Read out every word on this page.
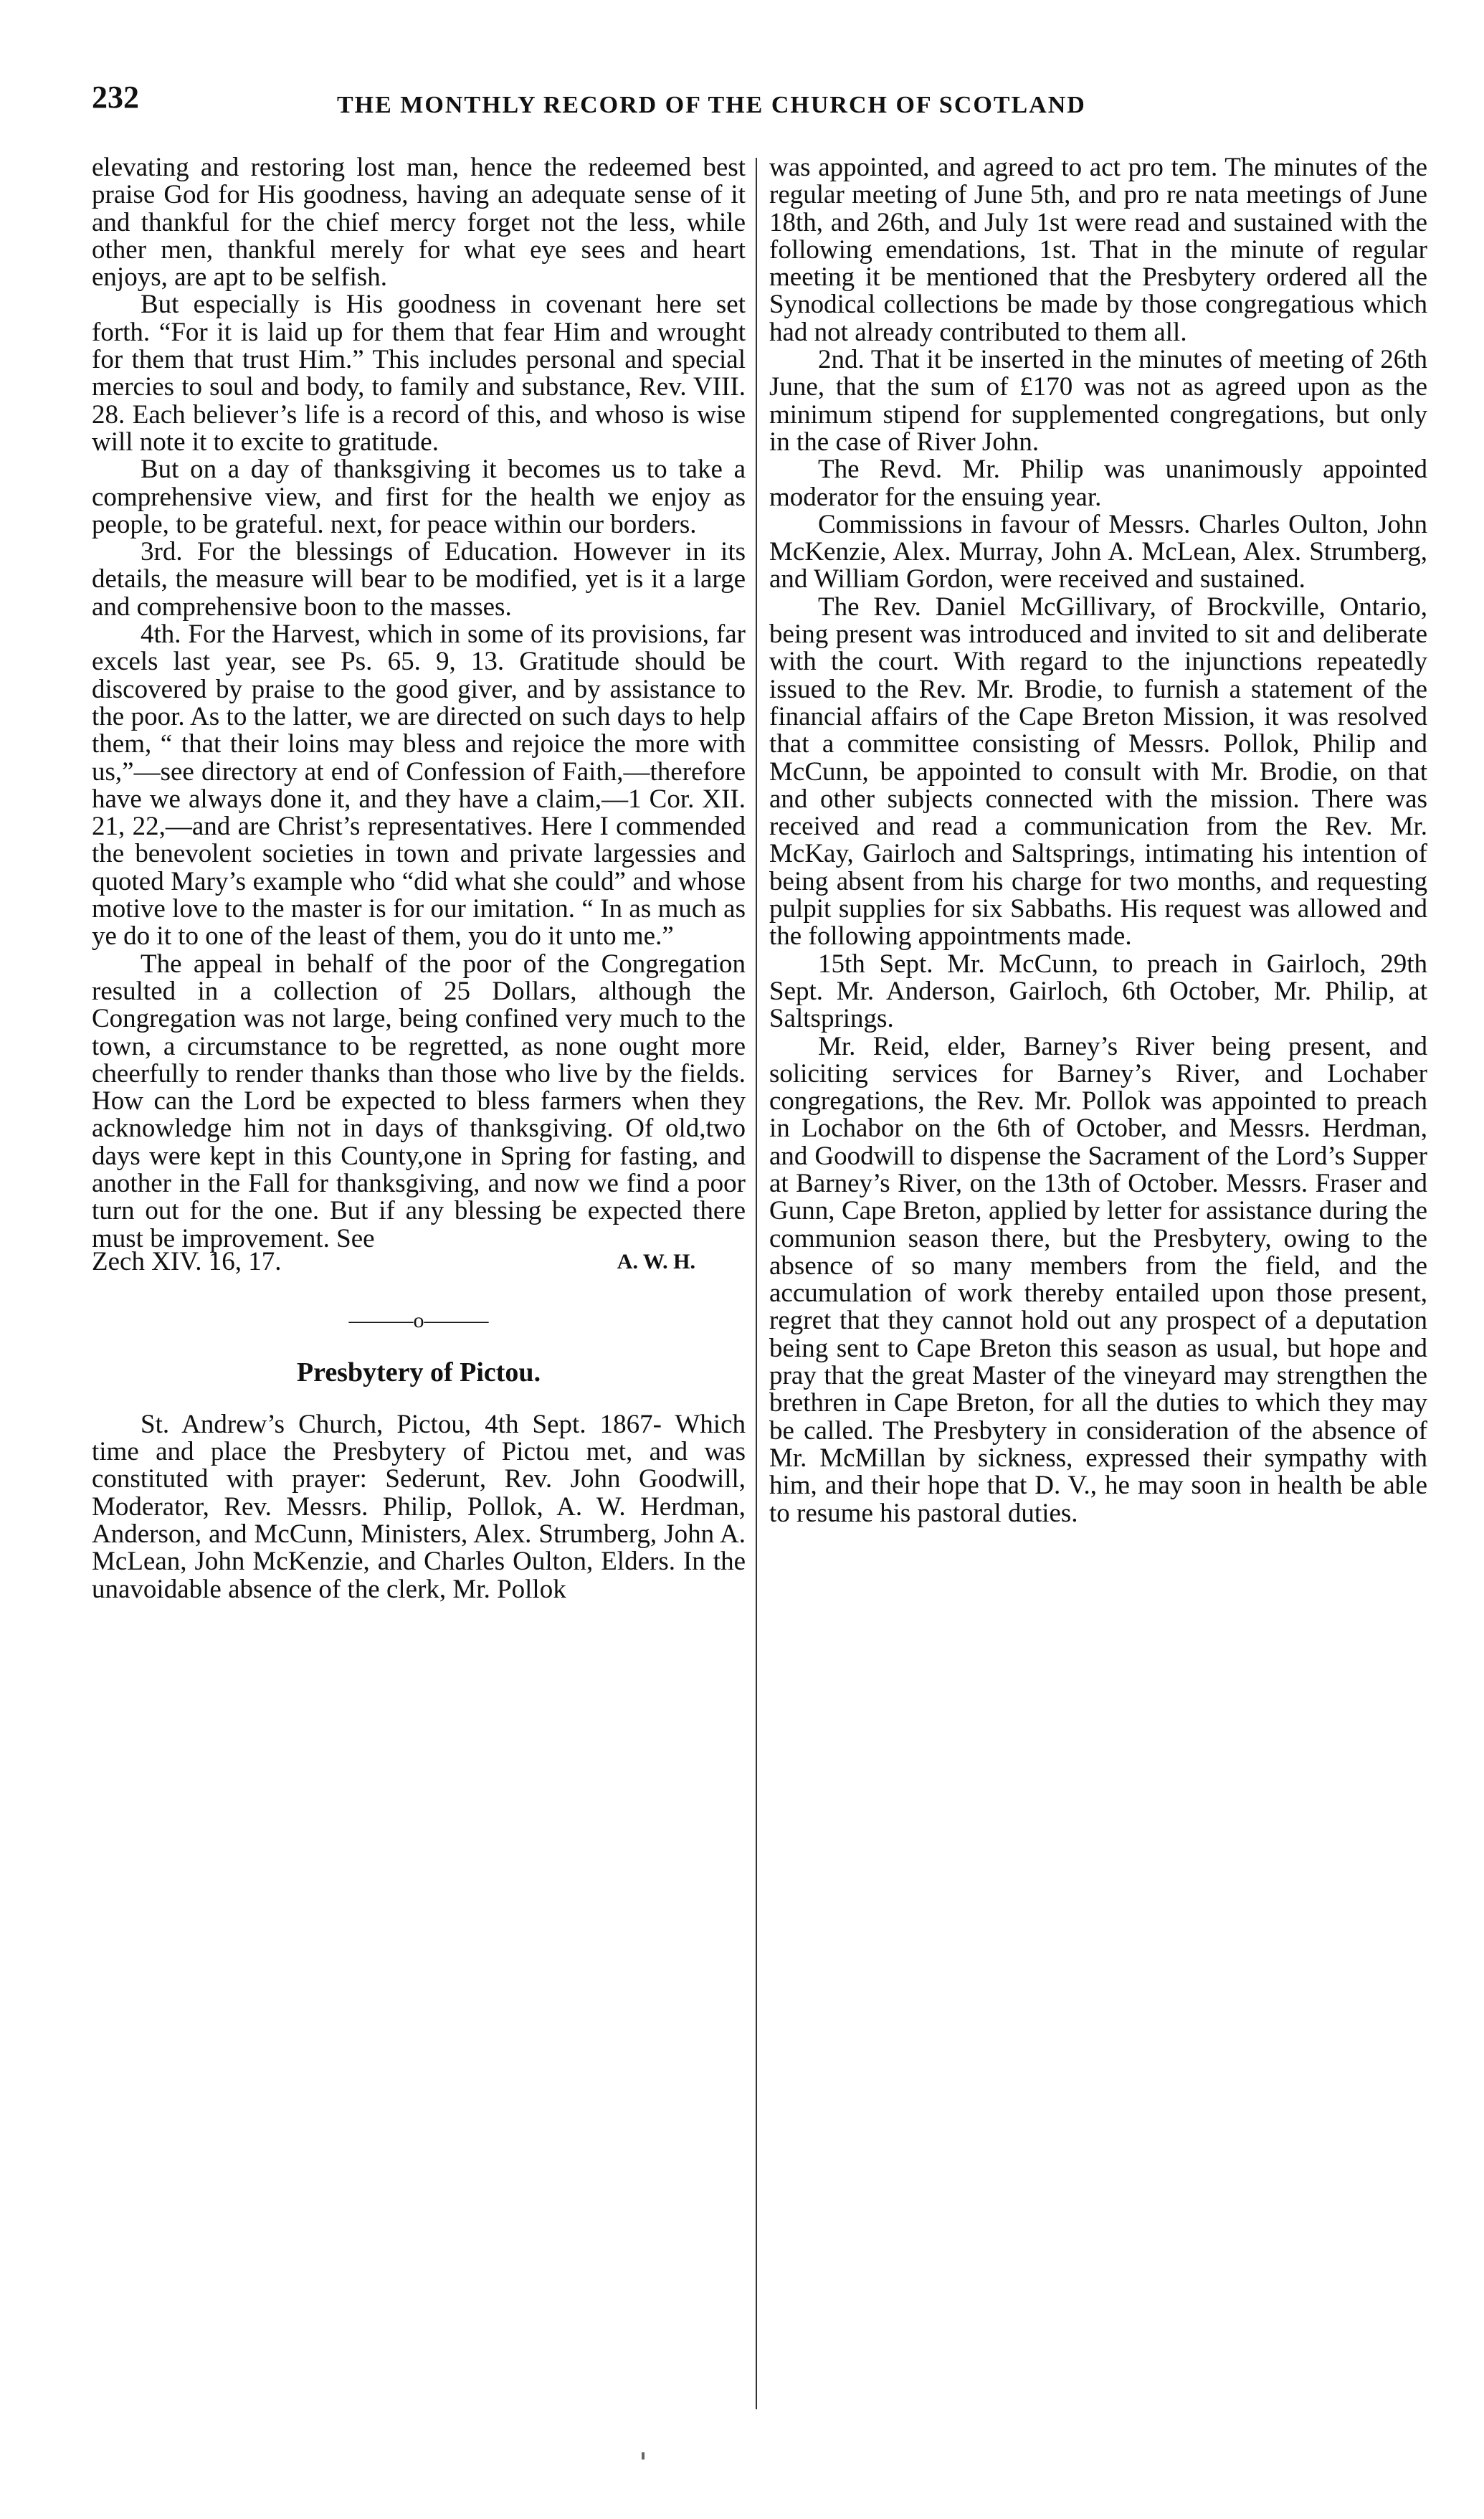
232	THE MONTHLY RECORD OF THE CHURCH OF SCOTLAND

elevating and restoring lost man, hence the redeemed best praise God for His goodness, having an adequate sense of it and thankful for the chief mercy forget not the less, while other men, thankful merely for what eye sees and heart enjoys, are apt to be selfish.

But especially is His goodness in covenant here set forth. “For it is laid up for them that fear Him and wrought for them that trust Him.” This includes personal and special mercies to soul and body, to family and substance, Rev. VIII. 28. Each believer’s life is a record of this, and whoso is wise will note it to excite to gratitude.

But on a day of thanksgiving it becomes us to take a comprehensive view, and first for the health we enjoy as people, to be grateful. next, for peace within our borders.

3rd. For the blessings of Education. However in its details, the measure will bear to be modified, yet is it a large and comprehensive boon to the masses.

4th. For the Harvest, which in some of its provisions, far excels last year, see Ps. 65. 9, 13. Gratitude should be discovered by praise to the good giver, and by assistance to the poor. As to the latter, we are directed on such days to help them, “ that their loins may bless and rejoice the more with us,”—see directory at end of Confession of Faith,—therefore have we always done it, and they have a claim,—1 Cor. XII. 21, 22,—and are Christ’s representatives. Here I commended the benevolent societies in town and private largessies and quoted Mary’s example who “did what she could” and whose motive love to the master is for our imitation. “ In as much as ye do it to one of the least of them, you do it unto me.”

The appeal in behalf of the poor of the Congregation resulted in a collection of 25 Dollars, although the Congregation was not large, being confined very much to the town, a circumstance to be regretted, as none ought more cheerfully to render thanks than those who live by the fields. How can the Lord be expected to bless farmers when they acknowledge him not in days of thanksgiving. Of old,two days were kept in this County,one in Spring for fasting, and another in the Fall for thanksgiving, and now we find a poor turn out for the one. But if any blessing be expected there must be improvement. See

Zech XIV. 16, 17.	A. W. H.
———o———
Presbytery of Pictou.

St. Andrew’s Church, Pictou, 4th Sept. 1867- Which time and place the Presbytery of Pictou met, and was constituted with prayer: Sederunt, Rev. John Goodwill, Moderator, Rev. Messrs. Philip, Pollok, A. W. Herdman, Anderson, and McCunn, Ministers, Alex. Strumberg, John A. McLean, John McKenzie, and Charles Oulton, Elders. In the unavoidable absence of the clerk, Mr. Pollok

was appointed, and agreed to act pro tem. The minutes of the regular meeting of June 5th, and pro re nata meetings of June 18th, and 26th, and July 1st were read and sustained with the following emendations, 1st. That in the minute of regular meeting it be mentioned that the Presbytery ordered all the Synodical collections be made by those congregatious which had not already contributed to them all.

2nd. That it be inserted in the minutes of meeting of 26th June, that the sum of £170 was not as agreed upon as the minimum stipend for supplemented congregations, but only in the case of River John.

The Revd. Mr. Philip was unanimously appointed moderator for the ensuing year.

Commissions in favour of Messrs. Charles Oulton, John McKenzie, Alex. Murray, John A. McLean, Alex. Strumberg, and William Gordon, were received and sustained.

The Rev. Daniel McGillivary, of Brockville, Ontario, being present was introduced and invited to sit and deliberate with the court. With regard to the injunctions repeatedly issued to the Rev. Mr. Brodie, to furnish a statement of the financial affairs of the Cape Breton Mission, it was resolved that a committee consisting of Messrs. Pollok, Philip and McCunn, be appointed to consult with Mr. Brodie, on that and other subjects connected with the mission. There was received and read a communication from the Rev. Mr. McKay, Gairloch and Saltsprings, intimating his intention of being absent from his charge for two months, and requesting pulpit supplies for six Sabbaths. His request was allowed and the following appointments made.

15th Sept. Mr. McCunn, to preach in Gairloch, 29th Sept. Mr. Anderson, Gairloch, 6th October, Mr. Philip, at Saltsprings.

Mr. Reid, elder, Barney’s River being present, and soliciting services for Barney’s River, and Lochaber congregations, the Rev. Mr. Pollok was appointed to preach in Lochabor on the 6th of October, and Messrs. Herdman, and Goodwill to dispense the Sacrament of the Lord’s Supper at Barney’s River, on the 13th of October. Messrs. Fraser and Gunn, Cape Breton, applied by letter for assistance during the communion season there, but the Presbytery, owing to the absence of so many members from the field, and the accumulation of work thereby entailed upon those present, regret that they cannot hold out any prospect of a deputation being sent to Cape Breton this season as usual, but hope and pray that the great Master of the vineyard may strengthen the brethren in Cape Breton, for all the duties to which they may be called. The Presbytery in consideration of the absence of Mr. McMillan by sickness, expressed their sympathy with him, and their hope that D. V., he may soon in health be able to resume his pastoral duties.
